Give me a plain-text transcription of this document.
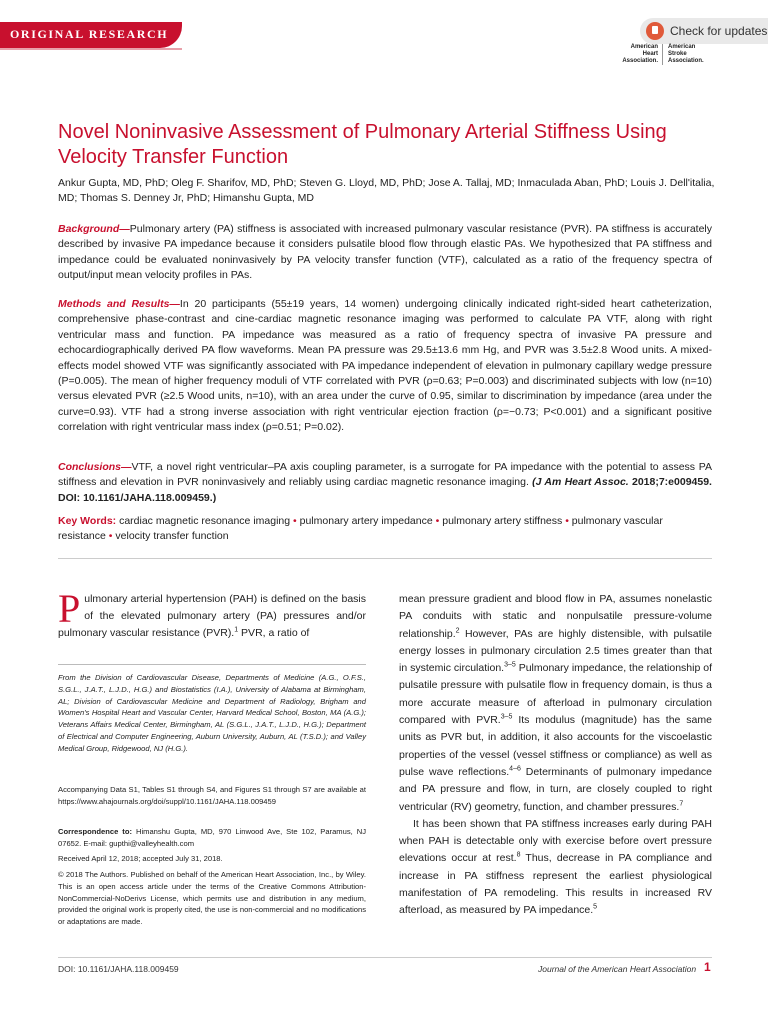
ORIGINAL RESEARCH	Check for updates
American
Heart
Association.
American
Stroke
Association.
Novel Noninvasive Assessment of Pulmonary Arterial Stiffness Using Velocity Transfer Function
Ankur Gupta, MD, PhD; Oleg F. Sharifov, MD, PhD; Steven G. Lloyd, MD, PhD; Jose A. Tallaj, MD; Inmaculada Aban, PhD; Louis J. Dell'italia, MD; Thomas S. Denney Jr, PhD; Himanshu Gupta, MD
Background—Pulmonary artery (PA) stiffness is associated with increased pulmonary vascular resistance (PVR). PA stiffness is accurately described by invasive PA impedance because it considers pulsatile blood flow through elastic PAs. We hypothesized that PA stiffness and impedance could be evaluated noninvasively by PA velocity transfer function (VTF), calculated as a ratio of the frequency spectra of output/input mean velocity profiles in PAs.
Methods and Results—In 20 participants (55±19 years, 14 women) undergoing clinically indicated right-sided heart catheterization, comprehensive phase-contrast and cine-cardiac magnetic resonance imaging was performed to calculate PA VTF, along with right ventricular mass and function. PA impedance was measured as a ratio of frequency spectra of invasive PA pressure and echocardiographically derived PA flow waveforms. Mean PA pressure was 29.5±13.6 mm Hg, and PVR was 3.5±2.8 Wood units. A mixed-effects model showed VTF was significantly associated with PA impedance independent of elevation in pulmonary capillary wedge pressure (P=0.005). The mean of higher frequency moduli of VTF correlated with PVR (ρ=0.63; P=0.003) and discriminated subjects with low (n=10) versus elevated PVR (≥2.5 Wood units, n=10), with an area under the curve of 0.95, similar to discrimination by impedance (area under the curve=0.93). VTF had a strong inverse association with right ventricular ejection fraction (ρ=−0.73; P<0.001) and a significant positive correlation with right ventricular mass index (ρ=0.51; P=0.02).
Conclusions—VTF, a novel right ventricular–PA axis coupling parameter, is a surrogate for PA impedance with the potential to assess PA stiffness and elevation in PVR noninvasively and reliably using cardiac magnetic resonance imaging. (J Am Heart Assoc. 2018;7:e009459. DOI: 10.1161/JAHA.118.009459.)
Key Words: cardiac magnetic resonance imaging • pulmonary artery impedance • pulmonary artery stiffness • pulmonary vascular resistance • velocity transfer function
Pulmonary arterial hypertension (PAH) is defined on the basis of the elevated pulmonary artery (PA) pressures and/or pulmonary vascular resistance (PVR).$^1$ PVR, a ratio of
From the Division of Cardiovascular Disease, Departments of Medicine (A.G., O.F.S., S.G.L., J.A.T., L.J.D., H.G.) and Biostatistics (I.A.), University of Alabama at Birmingham, AL; Division of Cardiovascular Medicine and Department of Radiology, Brigham and Women's Hospital Heart and Vascular Center, Harvard Medical School, Boston, MA (A.G.); Veterans Affairs Medical Center, Birmingham, AL (S.G.L., J.A.T., L.J.D., H.G.); Department of Electrical and Computer Engineering, Auburn University, Auburn, AL (T.S.D.); and Valley Medical Group, Ridgewood, NJ (H.G.).
Accompanying Data S1, Tables S1 through S4, and Figures S1 through S7 are available at https://www.ahajournals.org/doi/suppl/10.1161/JAHA.118.009459
Correspondence to: Himanshu Gupta, MD, 970 Linwood Ave, Ste 102, Paramus, NJ 07652. E-mail: gupthi@valleyhealth.com
Received April 12, 2018; accepted July 31, 2018.
© 2018 The Authors. Published on behalf of the American Heart Association, Inc., by Wiley. This is an open access article under the terms of the Creative Commons Attribution-NonCommercial-NoDerivs License, which permits use and distribution in any medium, provided the original work is properly cited, the use is non-commercial and no modifications or adaptations are made.

mean pressure gradient and blood flow in PA, assumes nonelastic PA conduits with static and nonpulsatile pressure-volume relationship.$^2$ However, PAs are highly distensible, with pulsatile energy losses in pulmonary circulation 2.5 times greater than that in systemic circulation.$^{3-5}$ Pulmonary impedance, the relationship of pulsatile pressure with pulsatile flow in frequency domain, is thus a more accurate measure of afterload in pulmonary circulation compared with PVR.$^{3-5}$ Its modulus (magnitude) has the same units as PVR but, in addition, it also accounts for the viscoelastic properties of the vessel (vessel stiffness or compliance) as well as pulse wave reflections.$^{4-6}$ Determinants of pulmonary impedance and PA pressure and flow, in turn, are closely coupled to right ventricular (RV) geometry, function, and chamber pressures.$^7$

It has been shown that PA stiffness increases early during PAH when PAH is detectable only with exercise before overt pressure elevations occur at rest.$^8$ Thus, decrease in PA compliance and increase in PA stiffness represent the earliest physiological manifestation of PA remodeling. This results in increased RV afterload, as measured by PA impedance.$^5$

DOI: 10.1161/JAHA.118.009459	Journal of the American Heart Association 1
